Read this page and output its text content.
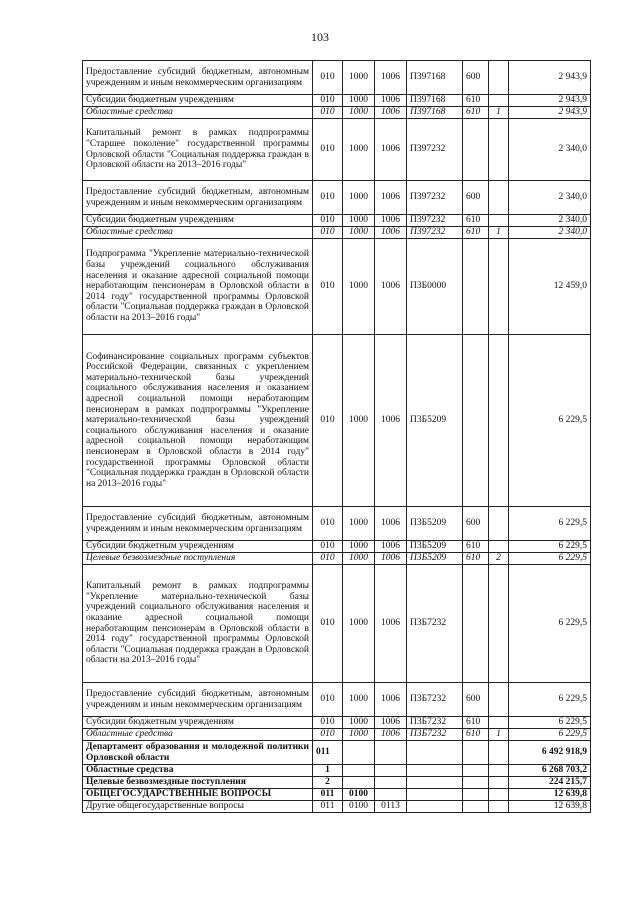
103
Предоставление субсидий бюджетным, автономным учреждениям и иным некоммерческим организациям	010	1000	1006	П397168	600		2 943,9
Субсидии бюджетным учреждениям	010	1000	1006	П397168	610		2 943,9
Областные средства	010	1000	1006	П397168	610	1	2 943,9
Капитальный ремонт в рамках подпрограммы "Старшее поколение" государственной программы Орловской области "Социальная поддержка граждан в Орловской области на 2013–2016 годы"	010	1000	1006	П397232			2 340,0
Предоставление субсидий бюджетным, автономным учреждениям и иным некоммерческим организациям	010	1000	1006	П397232	600		2 340,0
Субсидии бюджетным учреждениям	010	1000	1006	П397232	610		2 340,0
Областные средства	010	1000	1006	П397232	610	1	2 340,0
Подпрограмма "Укрепление материально-технической базы учреждений социального обслуживания населения и оказание адресной социальной помощи неработающим пенсионерам в Орловской области в 2014 году" государственной программы Орловской области "Социальная поддержка граждан в Орловской области на 2013–2016 годы"	010	1000	1006	П3Б0000			12 459,0
Софинансирование социальных программ субъектов Российской Федерации, связанных с укреплением материально-технической базы учреждений социального обслуживания населения и оказанием адресной социальной помощи неработающим пенсионерам в рамках подпрограммы "Укрепление материально-технической базы учреждений социального обслуживания населения и оказание адресной социальной помощи неработающим пенсионерам в Орловской области в 2014 году" государственной программы Орловской области "Социальная поддержка граждан в Орловской области на 2013–2016 годы"	010	1000	1006	П3Б5209			6 229,5
Предоставление субсидий бюджетным, автономным учреждениям и иным некоммерческим организациям	010	1000	1006	П3Б5209	600		6 229,5
Субсидии бюджетным учреждениям	010	1000	1006	П3Б5209	610		6 229,5
Целевые безвозмездные поступления	010	1000	1006	П3Б5209	610	2	6 229,5
Капитальный ремонт в рамках подпрограммы "Укрепление материально-технической базы учреждений социального обслуживания населения и оказание адресной социальной помощи неработающим пенсионерам в Орловской области в 2014 году" государственной программы Орловской области "Социальная поддержка граждан в Орловской области на 2013–2016 годы"	010	1000	1006	П3Б7232			6 229,5
Предоставление субсидий бюджетным, автономным учреждениям и иным некоммерческим организациям	010	1000	1006	П3Б7232	600		6 229,5
Субсидии бюджетным учреждениям	010	1000	1006	П3Б7232	610		6 229,5
Областные средства	010	1000	1006	П3Б7232	610	1	6 229,5
Департамент образования и молодежной политики Орловской области	011						6 492 918,9
Областные средства	1						6 268 703,2
Целевые безвозмездные поступления	2						224 215,7
ОБЩЕГОСУДАРСТВЕННЫЕ ВОПРОСЫ	011	0100					12 639,8
Другие общегосударственные вопросы	011	0100	0113				12 639,8
